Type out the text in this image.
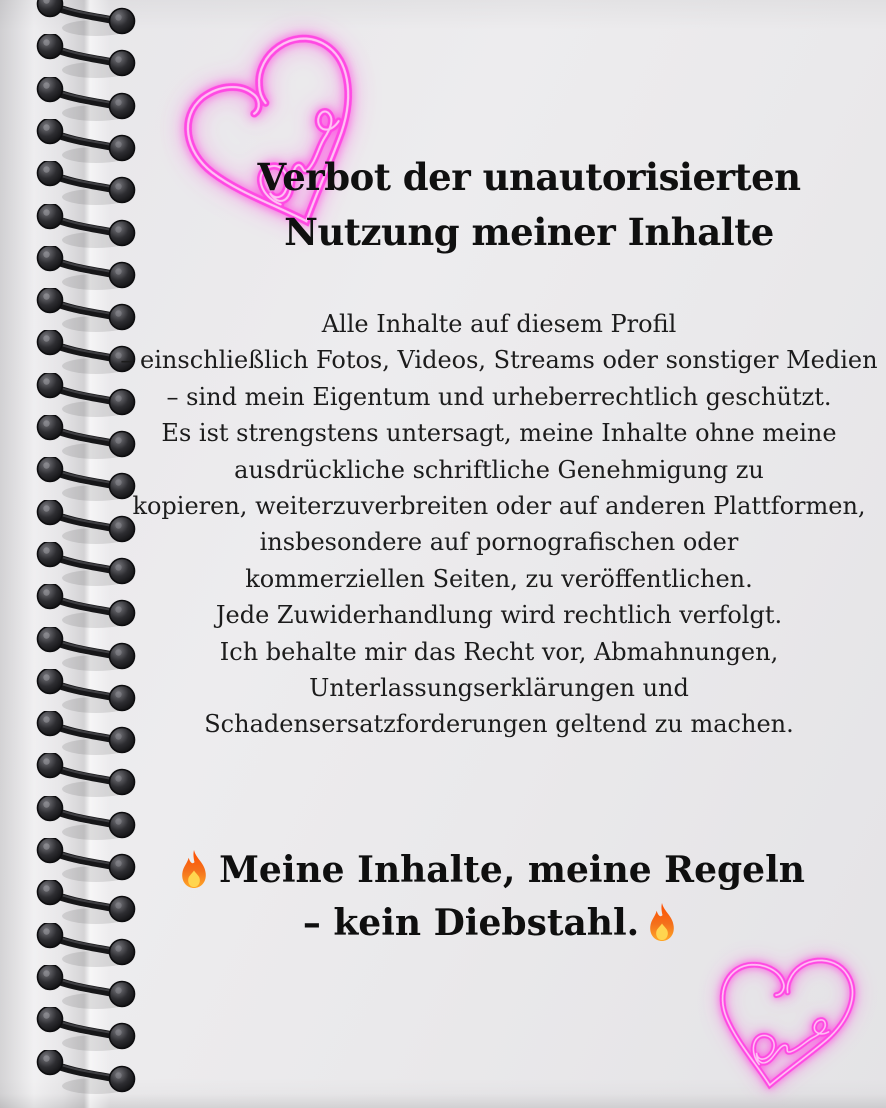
Verbot der unautorisierten
Nutzung meiner Inhalte
Alle Inhalte auf diesem Profil
– einschließlich Fotos, Videos, Streams oder sonstiger Medien
– sind mein Eigentum und urheberrechtlich geschützt.
Es ist strengstens untersagt, meine Inhalte ohne meine
ausdrückliche schriftliche Genehmigung zu
kopieren, weiterzuverbreiten oder auf anderen Plattformen,
insbesondere auf pornografischen oder
kommerziellen Seiten, zu veröffentlichen.
Jede Zuwiderhandlung wird rechtlich verfolgt.
Ich behalte mir das Recht vor, Abmahnungen,
Unterlassungserklärungen und
Schadensersatzforderungen geltend zu machen.
Meine Inhalte, meine Regeln
– kein Diebstahl.
